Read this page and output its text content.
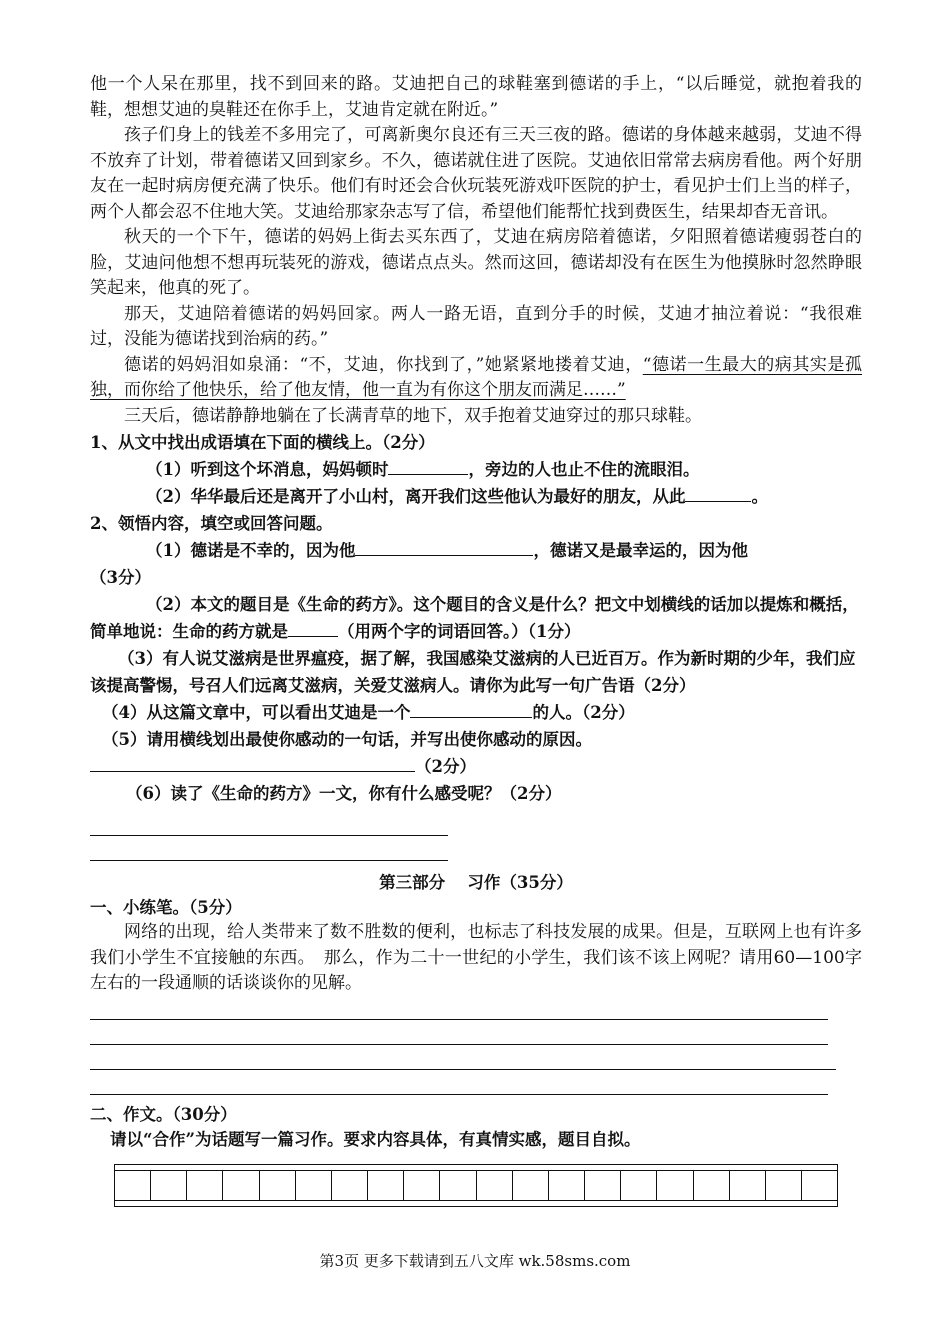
他一个人呆在那里，找不到回来的路。艾迪把自己的球鞋塞到德诺的手上，“以后睡觉，就抱着我的鞋，想想艾迪的臭鞋还在你手上，艾迪肯定就在附近。”

孩子们身上的钱差不多用完了，可离新奥尔良还有三天三夜的路。德诺的身体越来越弱，艾迪不得不放弃了计划，带着德诺又回到家乡。不久，德诺就住进了医院。艾迪依旧常常去病房看他。两个好朋友在一起时病房便充满了快乐。他们有时还会合伙玩装死游戏吓医院的护士，看见护士们上当的样子，两个人都会忍不住地大笑。艾迪给那家杂志写了信，希望他们能帮忙找到费医生，结果却杳无音讯。

秋天的一个下午，德诺的妈妈上街去买东西了，艾迪在病房陪着德诺，夕阳照着德诺瘦弱苍白的脸，艾迪问他想不想再玩装死的游戏，德诺点点头。然而这回，德诺却没有在医生为他摸脉时忽然睁眼笑起来，他真的死了。

那天，艾迪陪着德诺的妈妈回家。两人一路无语，直到分手的时候，艾迪才抽泣着说：“我很难过，没能为德诺找到治病的药。”

德诺的妈妈泪如泉涌：“不，艾迪，你找到了，”她紧紧地搂着艾迪，“德诺一生最大的病其实是孤独，而你给了他快乐，给了他友情，他一直为有你这个朋友而满足……”

三天后，德诺静静地躺在了长满青草的地下，双手抱着艾迪穿过的那只球鞋。

1、从文中找出成语填在下面的横线上。（2分）
（1）听到这个坏消息，妈妈顿时	，旁边的人也止不住的流眼泪。
（2）华华最后还是离开了小山村，离开我们这些他认为最好的朋友，从此	。
2、领悟内容，填空或回答问题。
（1）德诺是不幸的，因为他	，德诺又是最幸运的，因为他
（3分）
（2）本文的题目是《生命的药方》。这个题目的含义是什么？把文中划横线的话加以提炼和概括，简单地说：生命的药方就是	（用两个字的词语回答。）（1分）
（3）有人说艾滋病是世界瘟疫，据了解，我国感染艾滋病的人已近百万。作为新时期的少年，我们应该提高警惕，号召人们远离艾滋病，关爱艾滋病人。请你为此写一句广告语（2分）
（4）从这篇文章中，可以看出艾迪是一个	的人。（2分）
（5）请用横线划出最使你感动的一句话，并写出使你感动的原因。
（2分）
（6）读了《生命的药方》一文，你有什么感受呢？（2分）
第三部分　 习作（35分）
一、小练笔。（5分）

网络的出现，给人类带来了数不胜数的便利，也标志了科技发展的成果。但是，互联网上也有许多我们小学生不宜接触的东西。　那么，作为二十一世纪的小学生，我们该不该上网呢？请用60—100字左右的一段通顺的话谈谈你的见解。

二、作文。（30分）
请以“合作”为话题写一篇习作。要求内容具体，有真情实感，题目自拟。
第3页 更多下载请到五八文库 wk.58sms.com
